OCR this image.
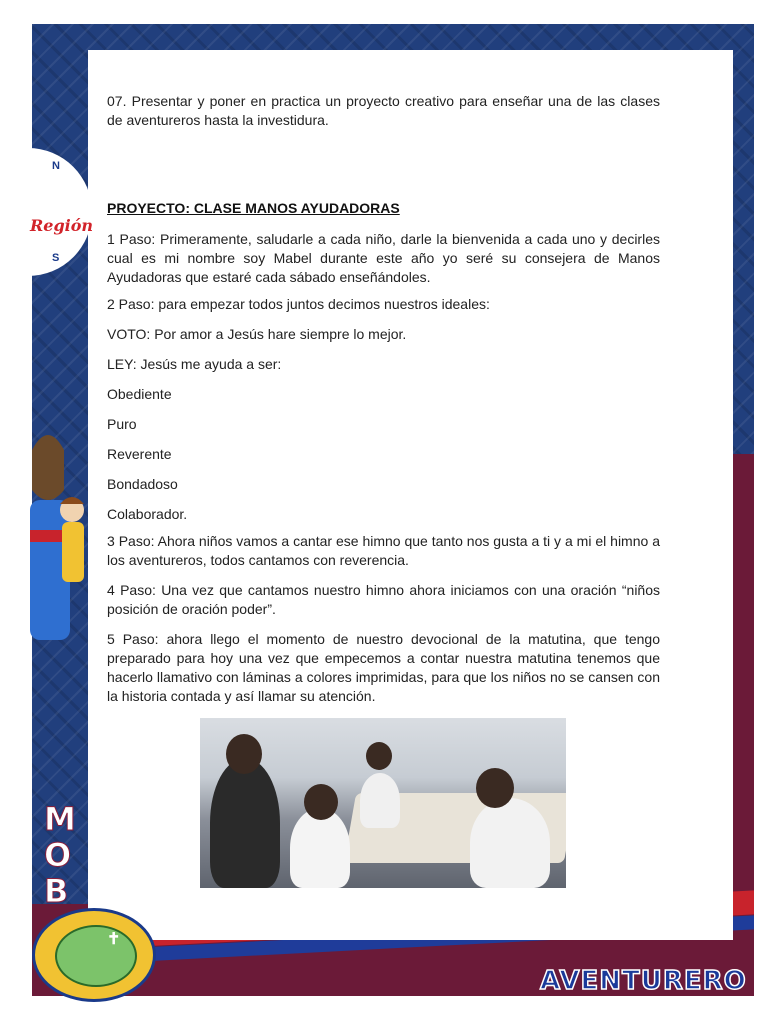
N
Región
S
M
O
B

07. Presentar y poner en practica un proyecto creativo para enseñar una de las clases de aventureros hasta la investidura.

PROYECTO: CLASE MANOS AYUDADORAS

1 Paso: Primeramente, saludarle a cada niño, darle la bienvenida a cada uno y decirles cual es mi nombre soy Mabel durante este año yo seré su consejera de Manos Ayudadoras que estaré cada sábado enseñándoles.

2 Paso: para empezar todos juntos decimos nuestros ideales:

VOTO: Por amor a Jesús hare siempre lo mejor.

LEY: Jesús me ayuda a ser:

Obediente

Puro

Reverente

Bondadoso

Colaborador.

3 Paso: Ahora niños vamos a cantar ese himno que tanto nos gusta a ti y a mi el himno a los aventureros, todos cantamos con reverencia.

4 Paso: Una vez que cantamos nuestro himno ahora iniciamos con una oración “niños posición de oración poder”.

5 Paso: ahora llego el momento de nuestro devocional de la matutina, que tengo preparado para hoy una vez que empecemos a contar nuestra matutina tenemos que hacerlo llamativo con láminas a colores imprimidas, para que los niños no se cansen con la historia contada y así llamar su atención.

✝
AVENTURERO
